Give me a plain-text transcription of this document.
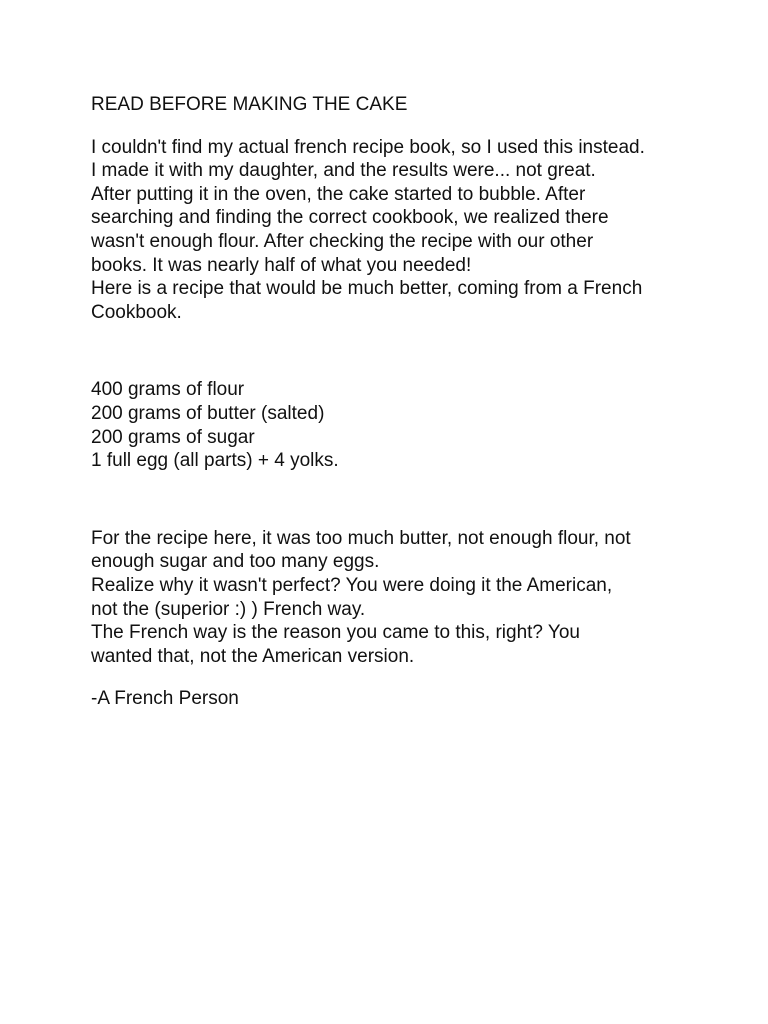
READ BEFORE MAKING THE CAKE

I couldn't find my actual french recipe book, so I used this instead.

I made it with my daughter, and the results were... not great.

After putting it in the oven, the cake started to bubble. After

searching and finding the correct cookbook, we realized there

wasn't enough flour. After checking the recipe with our other

books. It was nearly half of what you needed!

Here is a recipe that would be much better, coming from a French

Cookbook.

400 grams of flour
200 grams of butter (salted)
200 grams of sugar
1 full egg (all parts) + 4 yolks.

For the recipe here, it was too much butter, not enough flour, not

enough sugar and too many eggs.

Realize why it wasn't perfect? You were doing it the American,

not the (superior :) ) French way.

The French way is the reason you came to this, right? You

wanted that, not the American version.

-A French Person
